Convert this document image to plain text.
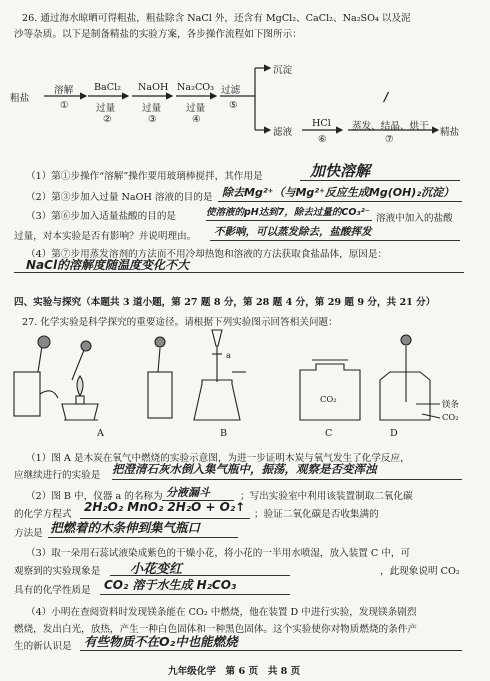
26. 通过海水晾晒可得粗盐，粗盐除含 NaCl 外，还含有 MgCl₂、CaCl₂、Na₂SO₄ 以及泥
沙等杂质。以下是制备精盐的实验方案，各步操作流程如下图所示：
粗盐
溶解
①
BaCl₂
过量
②
NaOH
过量
③
Na₂CO₃
过量
④
过滤
⑤
沉淀
/
滤液
HCl
⑥
蒸发、结晶、烘干
⑦
精盐
（1）第①步操作“溶解”操作要用玻璃棒搅拌，其作用是	加快溶解
（2）第③步加入过量 NaOH 溶液的目的是 除去Mg²⁺（与Mg²⁺反应生成Mg(OH)₂沉淀）
（3）第⑥步加入适量盐酸的目的是	使溶液的pH达到7，除去过量的CO₃²⁻
溶液中加入的盐酸
过量，对本实验是否有影响？并说明理由。 不影响，可以蒸发除去，盐酸挥发
（4）第⑦步用蒸发溶剂的方法而不用冷却热饱和溶液的方法获取食盐晶体，原因是：
NaCl的溶解度随温度变化不大
四、实验与探究（本题共 3 道小题，第 27 题 8 分，第 28 题 4 分，第 29 题 9 分，共 21 分）
27. 化学实验是科学探究的重要途径。请根据下列实验图示回答相关问题：
a
CO₂	镁条
CO₂
A	B	C	D
（1）图 A 是木炭在氧气中燃烧的实验示意图，为进一步证明木炭与氧气发生了化学反应，
应继续进行的实验是 把澄清石灰水倒入集气瓶中，振荡，观察是否变浑浊
（2）图 B 中，仪器 a 的名称为 分液漏斗	；写出实验室中利用该装置制取二氧化碳
的化学方程式
2H₂O₂ MnO₂ 2H₂O + O₂↑
；验证二氧化碳是否收集满的
方法是 把燃着的木条伸到集气瓶口
（3）取一朵用石蕊试液染成紫色的干燥小花，将小花的一半用水喷湿，放入装置 C 中，可
观察到的实验现象是 小花变红	，此现象说明 CO₂
具有的化学性质是 CO₂ 溶于水生成 H₂CO₃
（4）小明在查阅资料时发现镁条能在 CO₂ 中燃烧，他在装置 D 中进行实验，发现镁条剧烈
燃烧，发出白光，放热，产生一种白色固体和一种黑色固体。这个实验使你对物质燃烧的条件产
生的新认识是 有些物质不在O₂中也能燃烧
九年级化学　第 6 页　共 8 页
